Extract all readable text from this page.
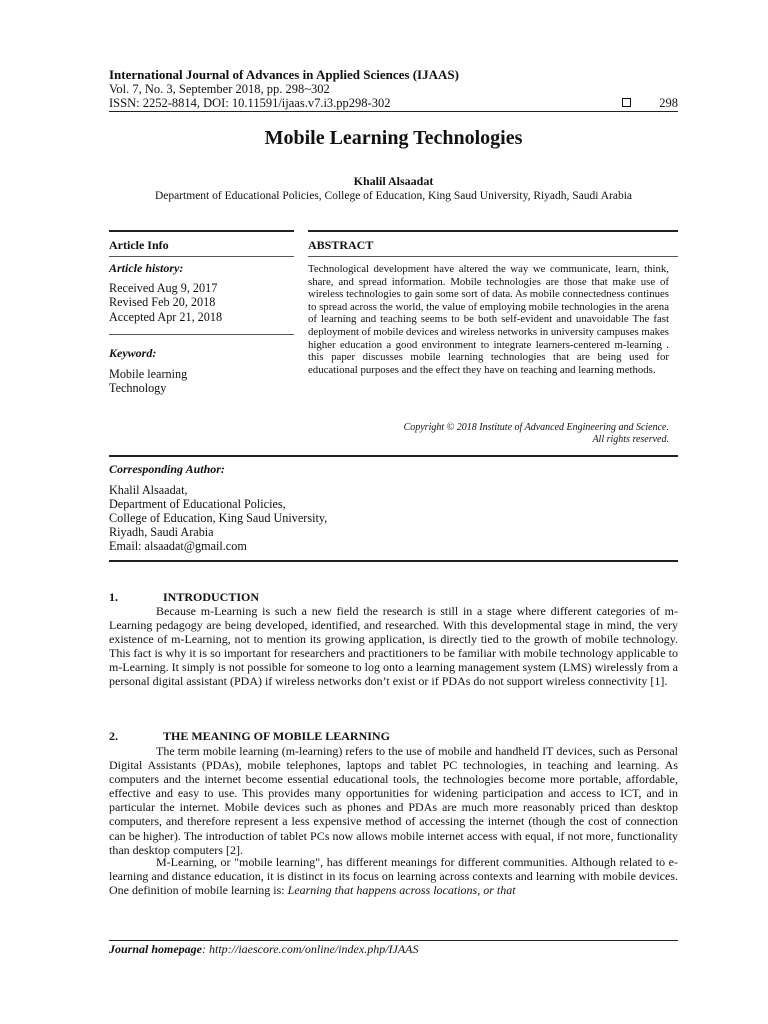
International Journal of Advances in Applied Sciences (IJAAS)
Vol. 7, No. 3, September 2018, pp. 298~302
ISSN: 2252-8814, DOI: 10.11591/ijaas.v7.i3.pp298-302	298
Mobile Learning Technologies
Khalil Alsaadat
Department of Educational Policies, College of Education, King Saud University, Riyadh, Saudi Arabia
Article Info
Article history:
Received Aug 9, 2017
Revised Feb 20, 2018
Accepted Apr 21, 2018
Keyword:
Mobile learning
Technology
ABSTRACT
Technological development have altered the way we communicate, learn, think, share, and spread information. Mobile technologies are those that make use of wireless technologies to gain some sort of data. As mobile connectedness continues to spread across the world, the value of employing mobile technologies in the arena of learning and teaching seems to be both self-evident and unavoidable The fast deployment of mobile devices and wireless networks in university campuses makes higher education a good environment to integrate learners-centered m-learning . this paper discusses mobile learning technologies that are being used for educational purposes and the effect they have on teaching and learning methods.
Copyright © 2018 Institute of Advanced Engineering and Science.
All rights reserved.
Corresponding Author:
Khalil Alsaadat,
Department of Educational Policies,
College of Education, King Saud University,
Riyadh, Saudi Arabia
Email: alsaadat@gmail.com
1.	INTRODUCTION
Because m-Learning is such a new field the research is still in a stage where different categories of m-Learning pedagogy are being developed, identified, and researched. With this developmental stage in mind, the very existence of m-Learning, not to mention its growing application, is directly tied to the growth of mobile technology. This fact is why it is so important for researchers and practitioners to be familiar with mobile technology applicable to m-Learning. It simply is not possible for someone to log onto a learning management system (LMS) wirelessly from a personal digital assistant (PDA) if wireless networks don’t exist or if PDAs do not support wireless connectivity [1].
2.	THE MEANING OF MOBILE LEARNING
The term mobile learning (m-learning) refers to the use of mobile and handheld IT devices, such as Personal Digital Assistants (PDAs), mobile telephones, laptops and tablet PC technologies, in teaching and learning. As computers and the internet become essential educational tools, the technologies become more portable, affordable, effective and easy to use. This provides many opportunities for widening participation and access to ICT, and in particular the internet. Mobile devices such as phones and PDAs are much more reasonably priced than desktop computers, and therefore represent a less expensive method of accessing the internet (though the cost of connection can be higher). The introduction of tablet PCs now allows mobile internet access with equal, if not more, functionality than desktop computers [2].
M-Learning, or "mobile learning", has different meanings for different communities. Although related to e-learning and distance education, it is distinct in its focus on learning across contexts and learning with mobile devices. One definition of mobile learning is: Learning that happens across locations, or that
Journal homepage: http://iaescore.com/online/index.php/IJAAS
